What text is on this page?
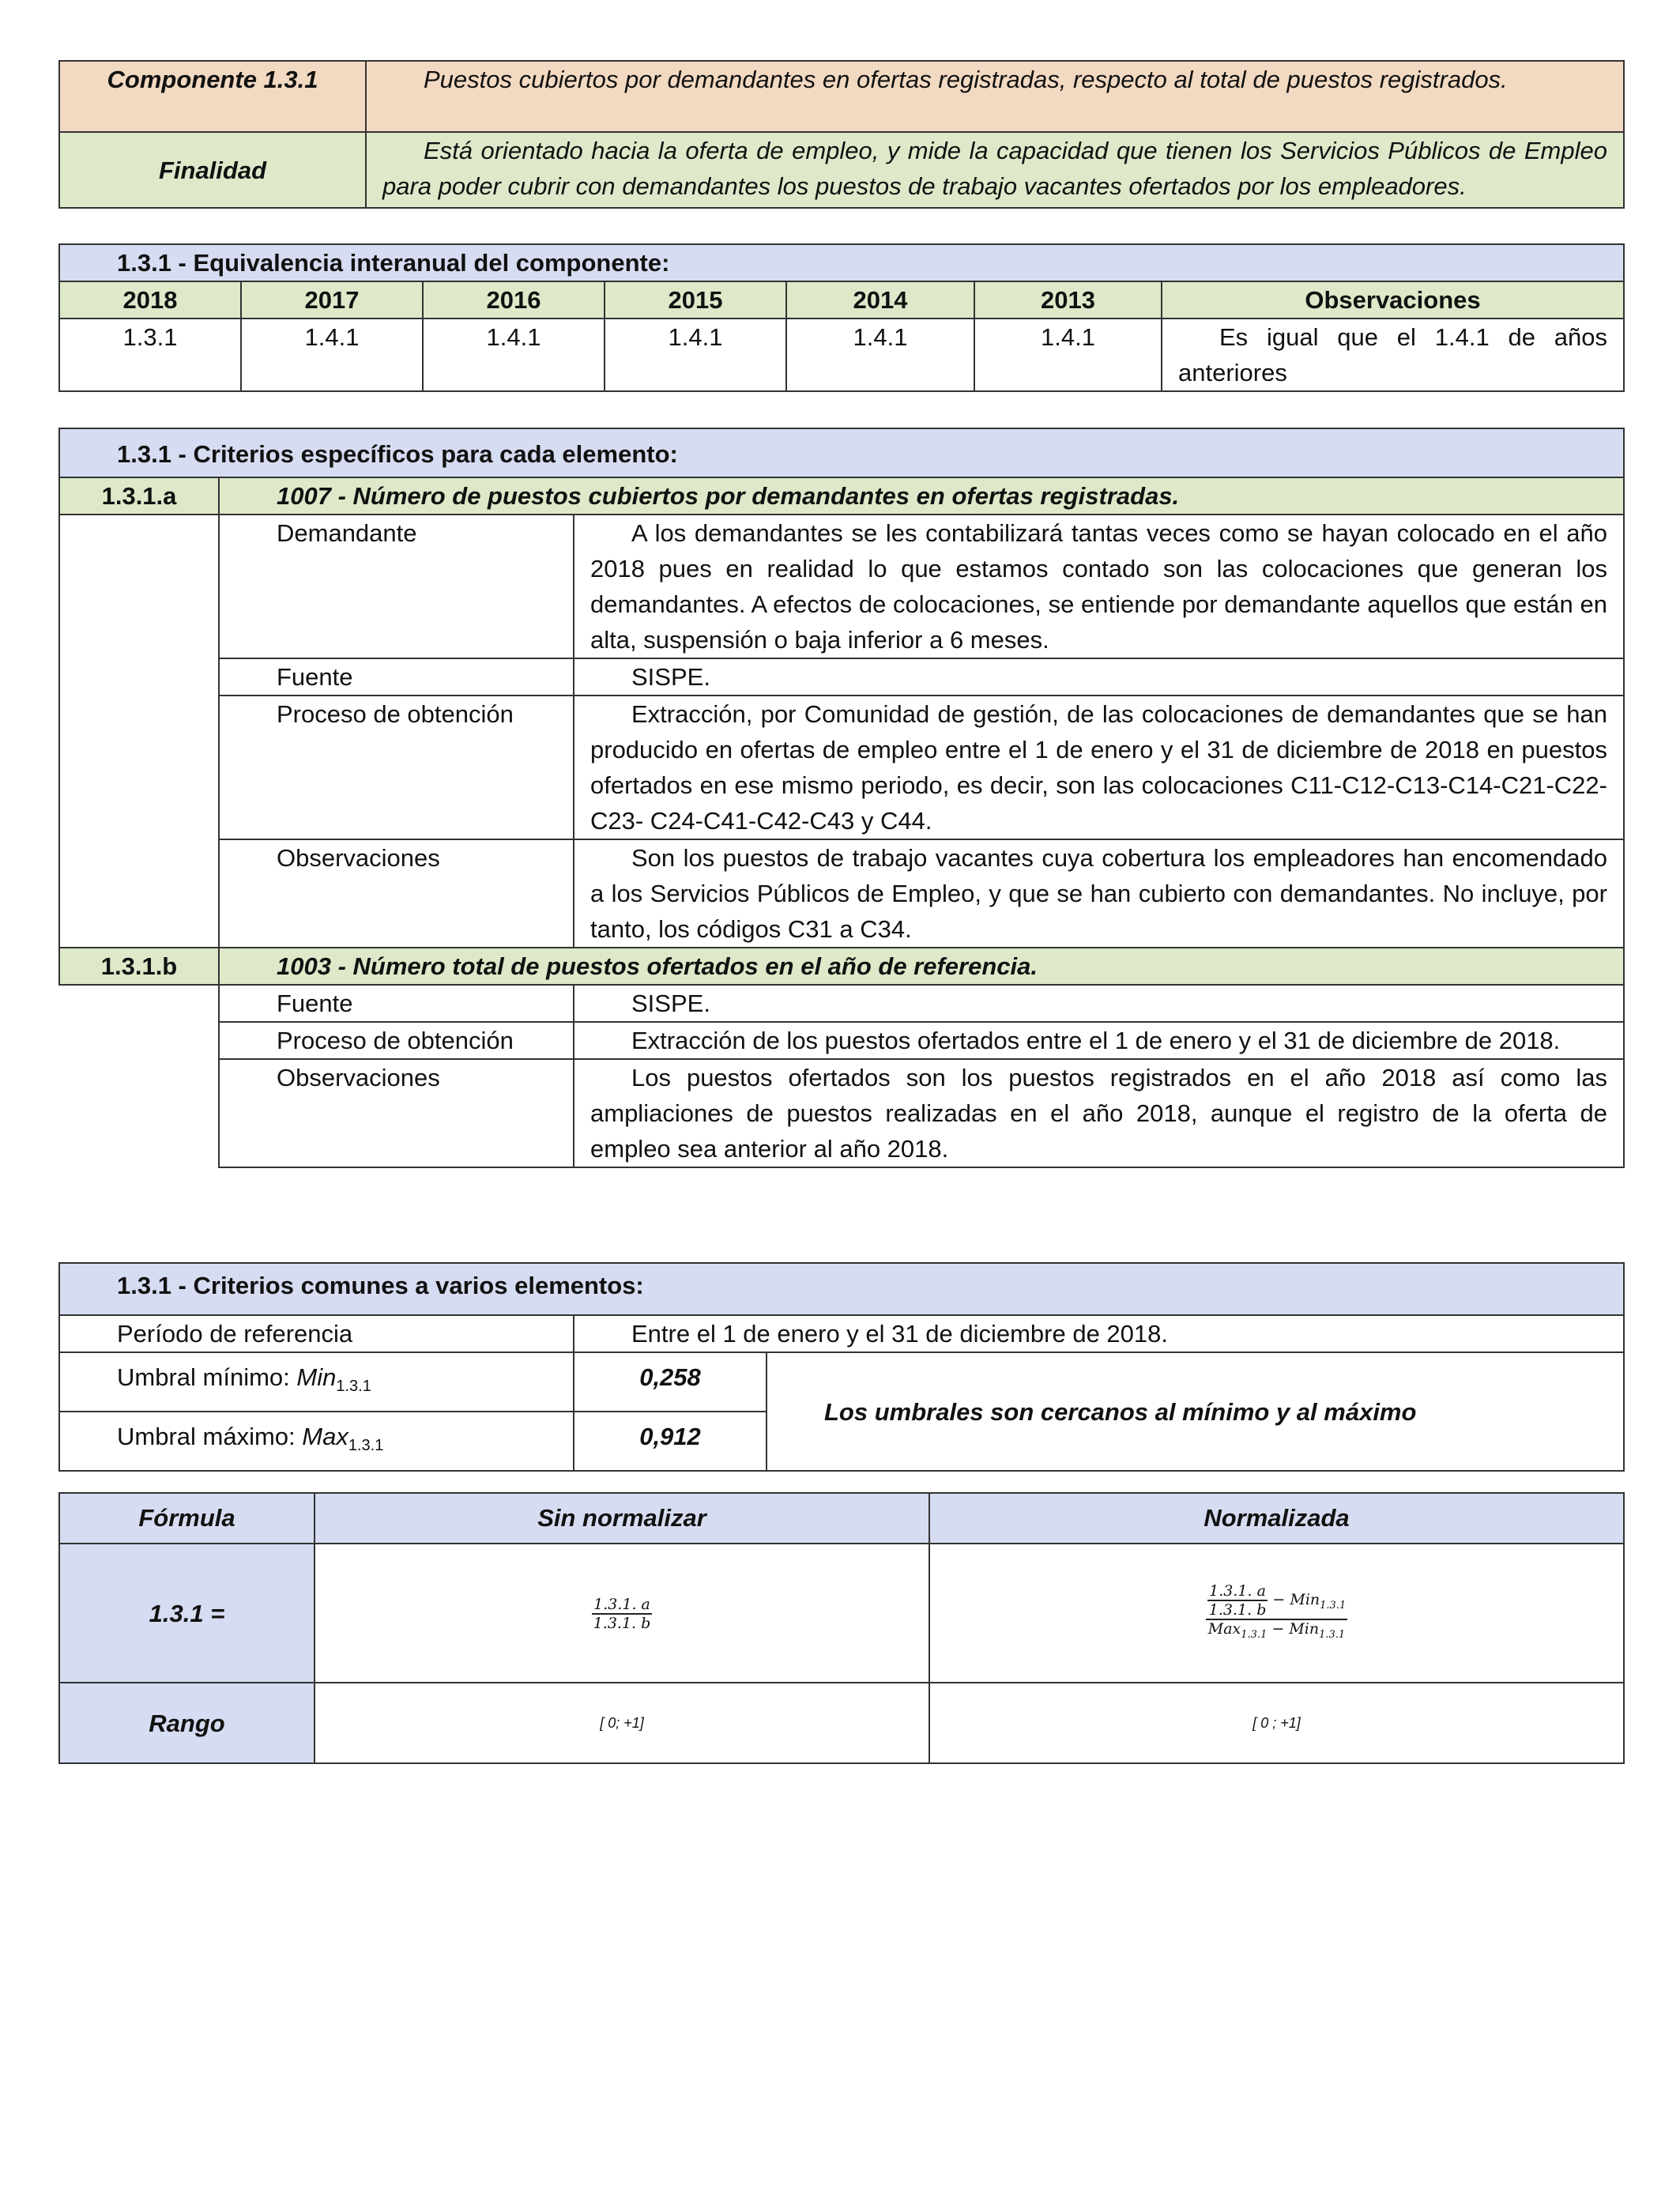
Componente 1.3.1	Puestos cubiertos por demandantes en ofertas registradas, respecto al total de puestos registrados.
Finalidad	Está orientado hacia la oferta de empleo, y mide la capacidad que tienen los Servicios Públicos de Empleo para poder cubrir con demandantes los puestos de trabajo vacantes ofertados por los empleadores.
1.3.1 - Equivalencia interanual del componente:						
2018	2017	2016	2015	2014	2013	Observaciones
1.3.1	1.4.1	1.4.1	1.4.1	1.4.1	1.4.1	Es igual que el 1.4.1 de años anteriores
1.3.1 - Criterios específicos para cada elemento:		
1.3.1.a	1007 - Número de puestos cubiertos por demandantes en ofertas registradas.	
	Demandante	A los demandantes se les contabilizará tantas veces como se hayan colocado en el año 2018 pues en realidad lo que estamos contado son las colocaciones que generan los demandantes. A efectos de colocaciones, se entiende por demandante aquellos que están en alta, suspensión o baja inferior a 6 meses.
	Fuente	SISPE.
	Proceso de obtención	Extracción, por Comunidad de gestión, de las colocaciones de demandantes que se han producido en ofertas de empleo entre el 1 de enero y el 31 de diciembre de 2018 en puestos ofertados en ese mismo periodo, es decir, son las colocaciones C11-C12-C13-C14-C21-C22-C23- C24-C41-C42-C43 y C44.
	Observaciones	Son los puestos de trabajo vacantes cuya cobertura los empleadores han encomendado a los Servicios Públicos de Empleo, y que se han cubierto con demandantes. No incluye, por tanto, los códigos C31 a C34.
1.3.1.b	1003 - Número total de puestos ofertados en el año de referencia.	
	Fuente	SISPE.
	Proceso de obtención	Extracción de los puestos ofertados entre el 1 de enero y el 31 de diciembre de 2018.
	Observaciones	Los puestos ofertados son los puestos registrados en el año 2018 así como las ampliaciones de puestos realizadas en el año 2018, aunque el registro de la oferta de empleo sea anterior al año 2018.
1.3.1 - Criterios comunes a varios elementos:		
Período de referencia	Entre el 1 de enero y el 31 de diciembre de 2018.	
Umbral mínimo: Min$_{1.3.1}$	0,258	Los umbrales son cercanos al mínimo y al máximo
Umbral máximo: Max$_{1.3.1}$	0,912	
Fórmula	Sin normalizar	Normalizada
1.3.1 =	$\frac{1.3.1. a}{1.3.1. b}$	$\frac{1.3.1. a}{1.3.1. b} - Min_{1.3.1}$
Max$_{1.3.1}$ − Min$_{1.3.1}$

Rango	[ 0; +1]	[ 0 ; +1]
